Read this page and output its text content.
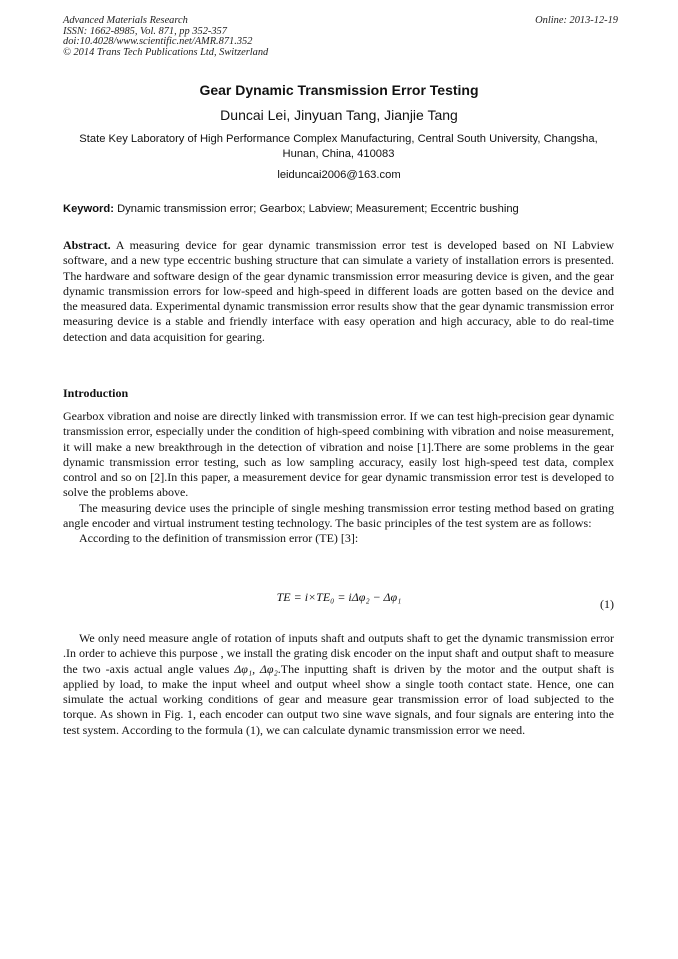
Advanced Materials Research
ISSN: 1662-8985, Vol. 871, pp 352-357
doi:10.4028/www.scientific.net/AMR.871.352
© 2014 Trans Tech Publications Ltd, Switzerland
Online: 2013-12-19
Gear Dynamic Transmission Error Testing
Duncai Lei, Jinyuan Tang, Jianjie Tang
State Key Laboratory of High Performance Complex Manufacturing, Central South University, Changsha, Hunan, China, 410083
leiduncai2006@163.com
Keyword: Dynamic transmission error; Gearbox; Labview; Measurement; Eccentric bushing
Abstract. A measuring device for gear dynamic transmission error test is developed based on NI Labview software, and a new type eccentric bushing structure that can simulate a variety of installation errors is presented. The hardware and software design of the gear dynamic transmission error measuring device is given, and the gear dynamic transmission errors for low-speed and high-speed in different loads are gotten based on the device and the measured data. Experimental dynamic transmission error results show that the gear dynamic transmission error measuring device is a stable and friendly interface with easy operation and high accuracy, able to do real-time detection and data acquisition for gearing.
Introduction

Gearbox vibration and noise are directly linked with transmission error. If we can test high-precision gear dynamic transmission error, especially under the condition of high-speed combining with vibration and noise measurement, it will make a new breakthrough in the detection of vibration and noise [1].There are some problems in the gear dynamic transmission error testing, such as low sampling accuracy, easily lost high-speed test data, complex control and so on [2].In this paper, a measurement device for gear dynamic transmission error test is developed to solve the problems above.

The measuring device uses the principle of single meshing transmission error testing method based on grating angle encoder and virtual instrument testing technology. The basic principles of the test system are as follows:

According to the definition of transmission error (TE) [3]:

TE = i×TE₀ = iΔφ₂ − Δφ₁	(1)

We only need measure angle of rotation of inputs shaft and outputs shaft to get the dynamic transmission error .In order to achieve this purpose , we install the grating disk encoder on the input shaft and output shaft to measure the two -axis actual angle values Δφ₁, Δφ₂.The inputting shaft is driven by the motor and the output shaft is applied by load, to make the input wheel and output wheel show a single tooth contact state. Hence, one can simulate the actual working conditions of gear and measure gear transmission error of load subjected to the torque. As shown in Fig. 1, each encoder can output two sine wave signals, and four signals are entering into the test system. According to the formula (1), we can calculate dynamic transmission error we need.
